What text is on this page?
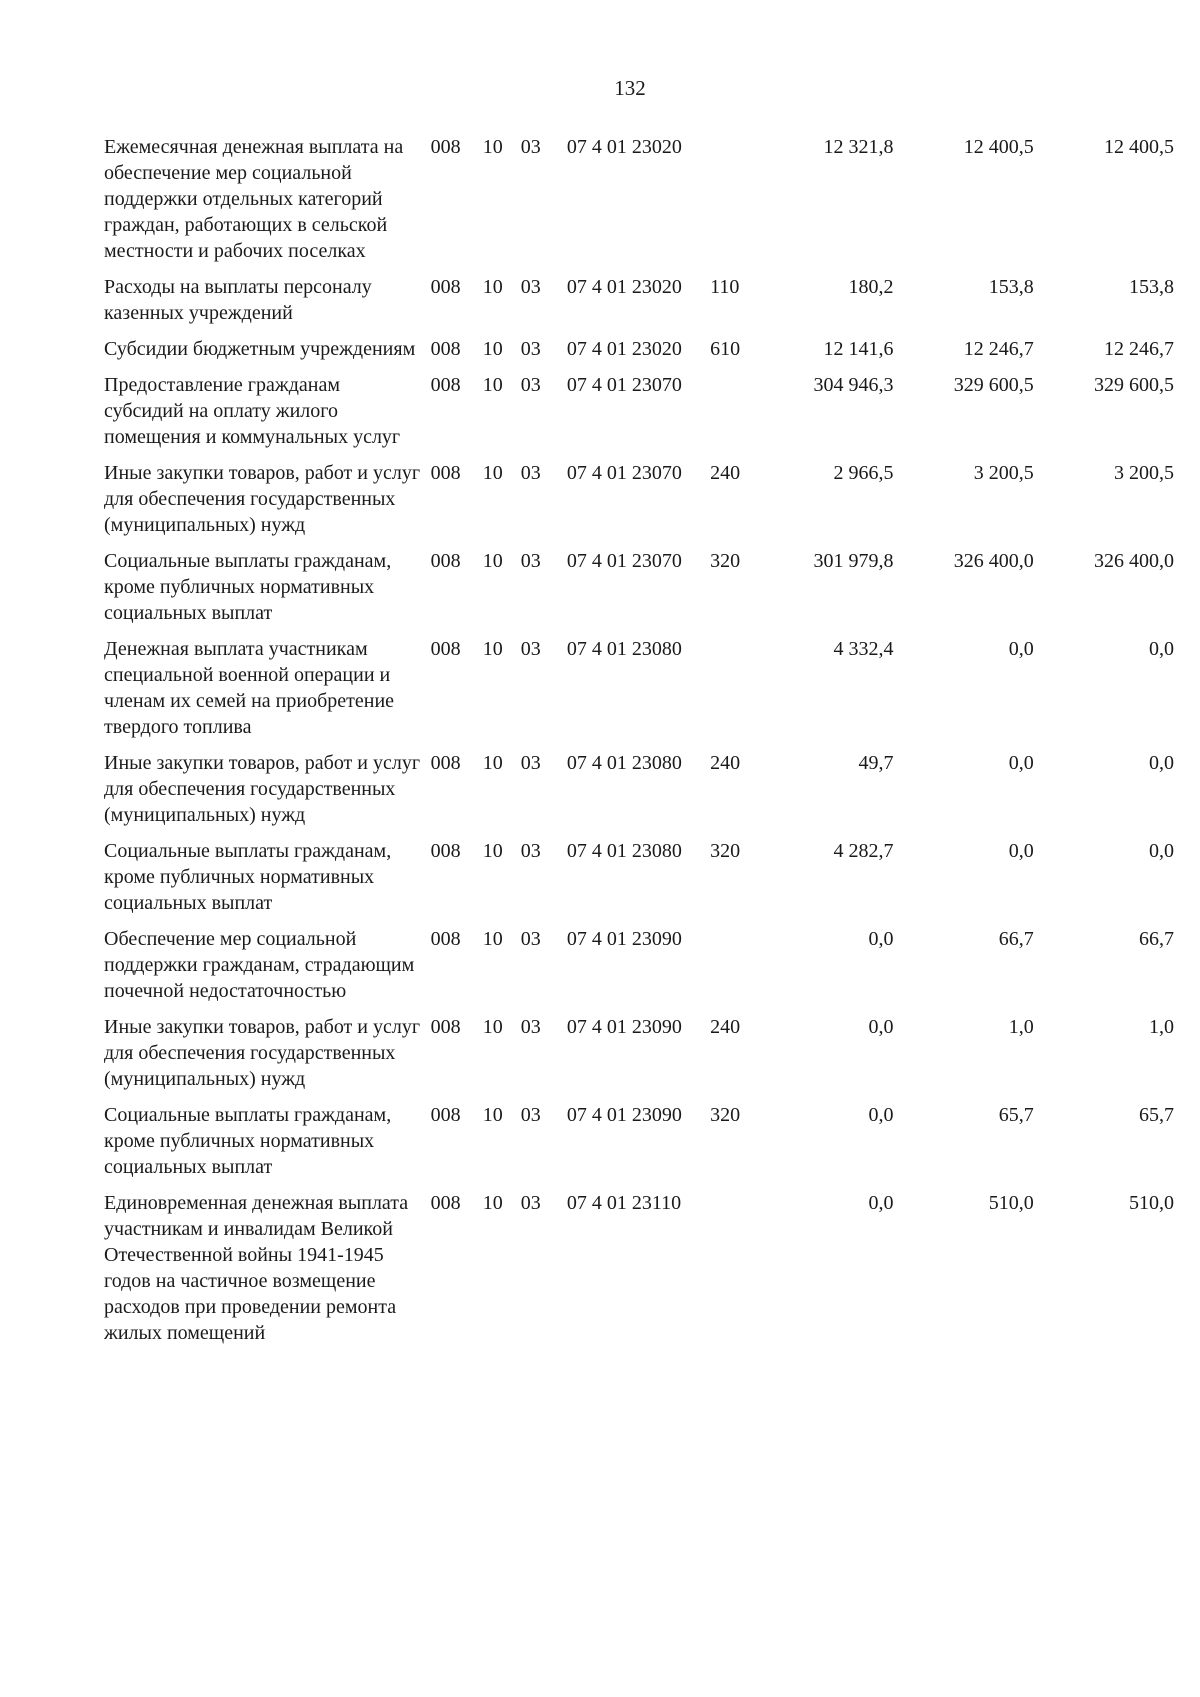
132
Ежемесячная денежная выплата на обеспечение мер социальной поддержки отдельных категорий граждан, работающих в сельской местности и рабочих поселках	008	10	03	07 4 01 23020		12 321,8	12 400,5	12 400,5
Расходы на выплаты персоналу казенных учреждений	008	10	03	07 4 01 23020	110	180,2	153,8	153,8
Субсидии бюджетным учреждениям	008	10	03	07 4 01 23020	610	12 141,6	12 246,7	12 246,7
Предоставление гражданам субсидий на оплату жилого помещения и коммунальных услуг	008	10	03	07 4 01 23070		304 946,3	329 600,5	329 600,5
Иные закупки товаров, работ и услуг для обеспечения государственных (муниципальных) нужд	008	10	03	07 4 01 23070	240	2 966,5	3 200,5	3 200,5
Социальные выплаты гражданам, кроме публичных нормативных социальных выплат	008	10	03	07 4 01 23070	320	301 979,8	326 400,0	326 400,0
Денежная выплата участникам специальной военной операции и членам их семей на приобретение твердого топлива	008	10	03	07 4 01 23080		4 332,4	0,0	0,0
Иные закупки товаров, работ и услуг для обеспечения государственных (муниципальных) нужд	008	10	03	07 4 01 23080	240	49,7	0,0	0,0
Социальные выплаты гражданам, кроме публичных нормативных социальных выплат	008	10	03	07 4 01 23080	320	4 282,7	0,0	0,0
Обеспечение мер социальной поддержки гражданам, страдающим почечной недостаточностью	008	10	03	07 4 01 23090		0,0	66,7	66,7
Иные закупки товаров, работ и услуг для обеспечения государственных (муниципальных) нужд	008	10	03	07 4 01 23090	240	0,0	1,0	1,0
Социальные выплаты гражданам, кроме публичных нормативных социальных выплат	008	10	03	07 4 01 23090	320	0,0	65,7	65,7
Единовременная денежная выплата участникам и инвалидам Великой Отечественной войны 1941-1945 годов на частичное возмещение расходов при проведении ремонта жилых помещений	008	10	03	07 4 01 23110		0,0	510,0	510,0
